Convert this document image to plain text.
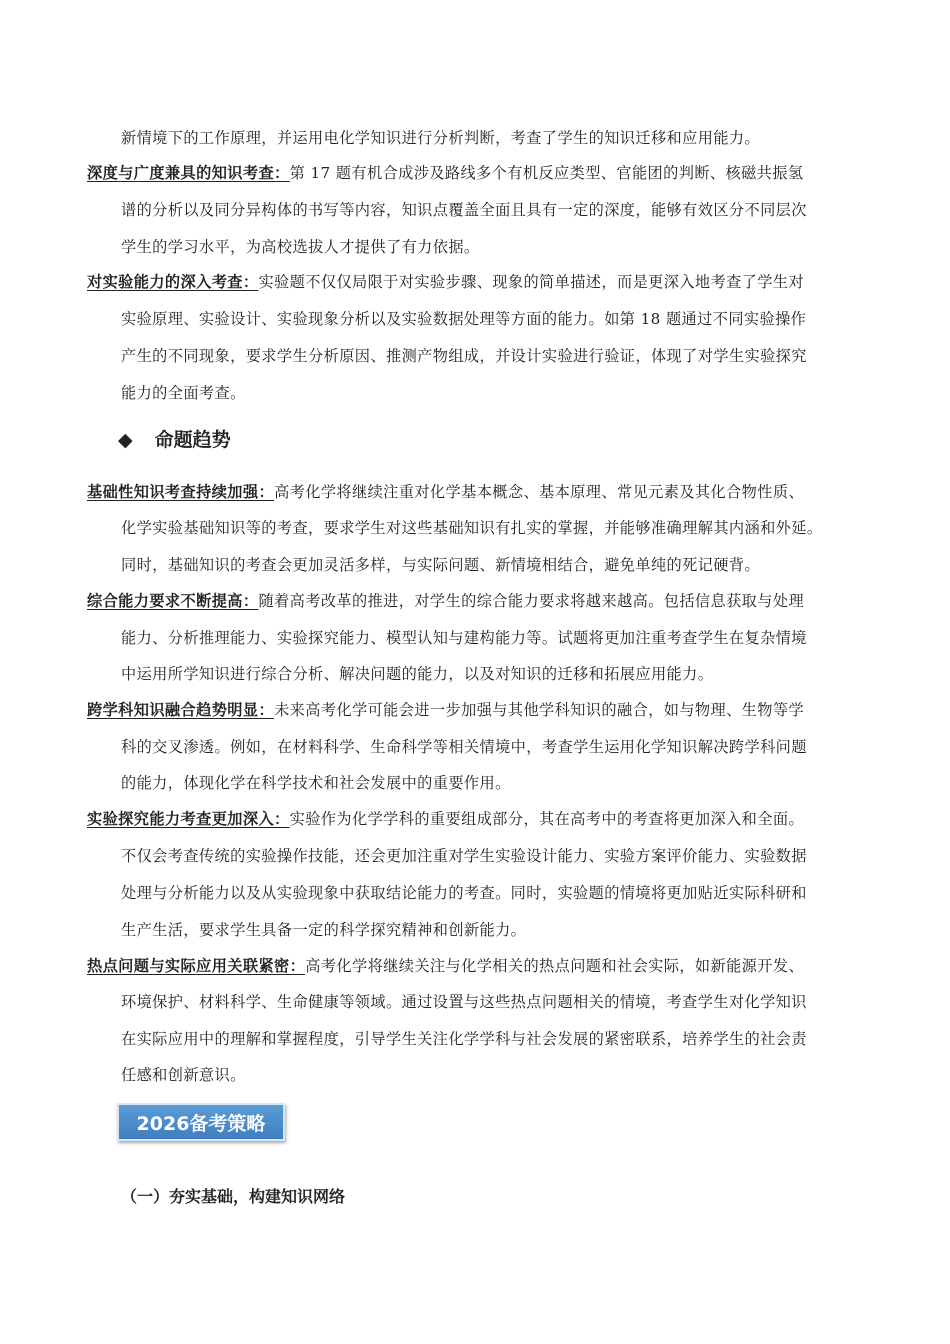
新情境下的工作原理，并运用电化学知识进行分析判断，考查了学生的知识迁移和应用能力。
深度与广度兼具的知识考查：第 17 题有机合成涉及路线多个有机反应类型、官能团的判断、核磁共振氢
谱的分析以及同分异构体的书写等内容，知识点覆盖全面且具有一定的深度，能够有效区分不同层次
学生的学习水平，为高校选拔人才提供了有力依据。
对实验能力的深入考查：实验题不仅仅局限于对实验步骤、现象的简单描述，而是更深入地考查了学生对
实验原理、实验设计、实验现象分析以及实验数据处理等方面的能力。如第 18 题通过不同实验操作
产生的不同现象，要求学生分析原因、推测产物组成，并设计实验进行验证，体现了对学生实验探究
能力的全面考查。
◆ 命题趋势
基础性知识考查持续加强：高考化学将继续注重对化学基本概念、基本原理、常见元素及其化合物性质、
化学实验基础知识等的考查，要求学生对这些基础知识有扎实的掌握，并能够准确理解其内涵和外延。
同时，基础知识的考查会更加灵活多样，与实际问题、新情境相结合，避免单纯的死记硬背。
综合能力要求不断提高：随着高考改革的推进，对学生的综合能力要求将越来越高。包括信息获取与处理
能力、分析推理能力、实验探究能力、模型认知与建构能力等。试题将更加注重考查学生在复杂情境
中运用所学知识进行综合分析、解决问题的能力，以及对知识的迁移和拓展应用能力。
跨学科知识融合趋势明显：未来高考化学可能会进一步加强与其他学科知识的融合，如与物理、生物等学
科的交叉渗透。例如，在材料科学、生命科学等相关情境中，考查学生运用化学知识解决跨学科问题
的能力，体现化学在科学技术和社会发展中的重要作用。
实验探究能力考查更加深入：实验作为化学学科的重要组成部分，其在高考中的考查将更加深入和全面。
不仅会考查传统的实验操作技能，还会更加注重对学生实验设计能力、实验方案评价能力、实验数据
处理与分析能力以及从实验现象中获取结论能力的考查。同时，实验题的情境将更加贴近实际科研和
生产生活，要求学生具备一定的科学探究精神和创新能力。
热点问题与实际应用关联紧密：高考化学将继续关注与化学相关的热点问题和社会实际，如新能源开发、
环境保护、材料科学、生命健康等领域。通过设置与这些热点问题相关的情境，考查学生对化学知识
在实际应用中的理解和掌握程度，引导学生关注化学学科与社会发展的紧密联系，培养学生的社会责
任感和创新意识。
2026备考策略
（一）夯实基础，构建知识网络
